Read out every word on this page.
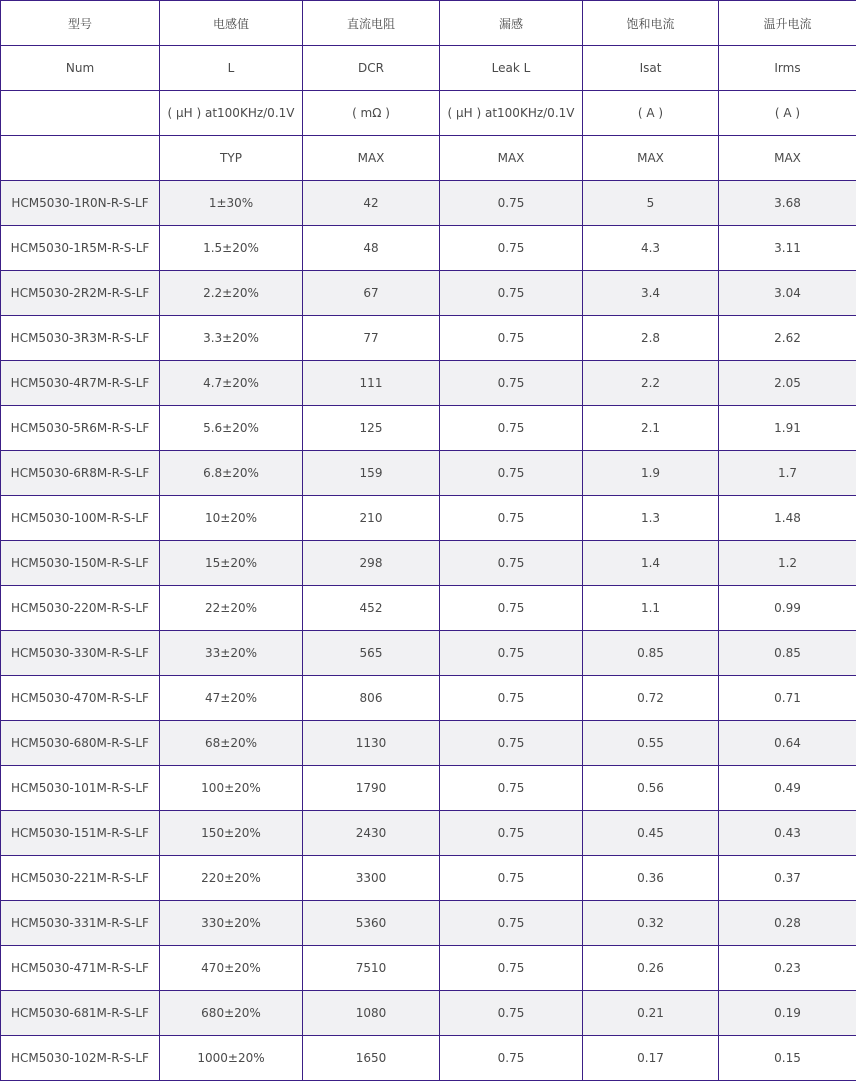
型号	电感值	直流电阻	漏感	饱和电流	温升电流
Num	L	DCR	Leak L	Isat	Irms
	( μH ) at100KHz/0.1V	( mΩ )	( μH ) at100KHz/0.1V	( A )	( A )
	TYP	MAX	MAX	MAX	MAX
HCM5030-1R0N-R-S-LF	1±30%	42	0.75	5	3.68
HCM5030-1R5M-R-S-LF	1.5±20%	48	0.75	4.3	3.11
HCM5030-2R2M-R-S-LF	2.2±20%	67	0.75	3.4	3.04
HCM5030-3R3M-R-S-LF	3.3±20%	77	0.75	2.8	2.62
HCM5030-4R7M-R-S-LF	4.7±20%	111	0.75	2.2	2.05
HCM5030-5R6M-R-S-LF	5.6±20%	125	0.75	2.1	1.91
HCM5030-6R8M-R-S-LF	6.8±20%	159	0.75	1.9	1.7
HCM5030-100M-R-S-LF	10±20%	210	0.75	1.3	1.48
HCM5030-150M-R-S-LF	15±20%	298	0.75	1.4	1.2
HCM5030-220M-R-S-LF	22±20%	452	0.75	1.1	0.99
HCM5030-330M-R-S-LF	33±20%	565	0.75	0.85	0.85
HCM5030-470M-R-S-LF	47±20%	806	0.75	0.72	0.71
HCM5030-680M-R-S-LF	68±20%	1130	0.75	0.55	0.64
HCM5030-101M-R-S-LF	100±20%	1790	0.75	0.56	0.49
HCM5030-151M-R-S-LF	150±20%	2430	0.75	0.45	0.43
HCM5030-221M-R-S-LF	220±20%	3300	0.75	0.36	0.37
HCM5030-331M-R-S-LF	330±20%	5360	0.75	0.32	0.28
HCM5030-471M-R-S-LF	470±20%	7510	0.75	0.26	0.23
HCM5030-681M-R-S-LF	680±20%	1080	0.75	0.21	0.19
HCM5030-102M-R-S-LF	1000±20%	1650	0.75	0.17	0.15
